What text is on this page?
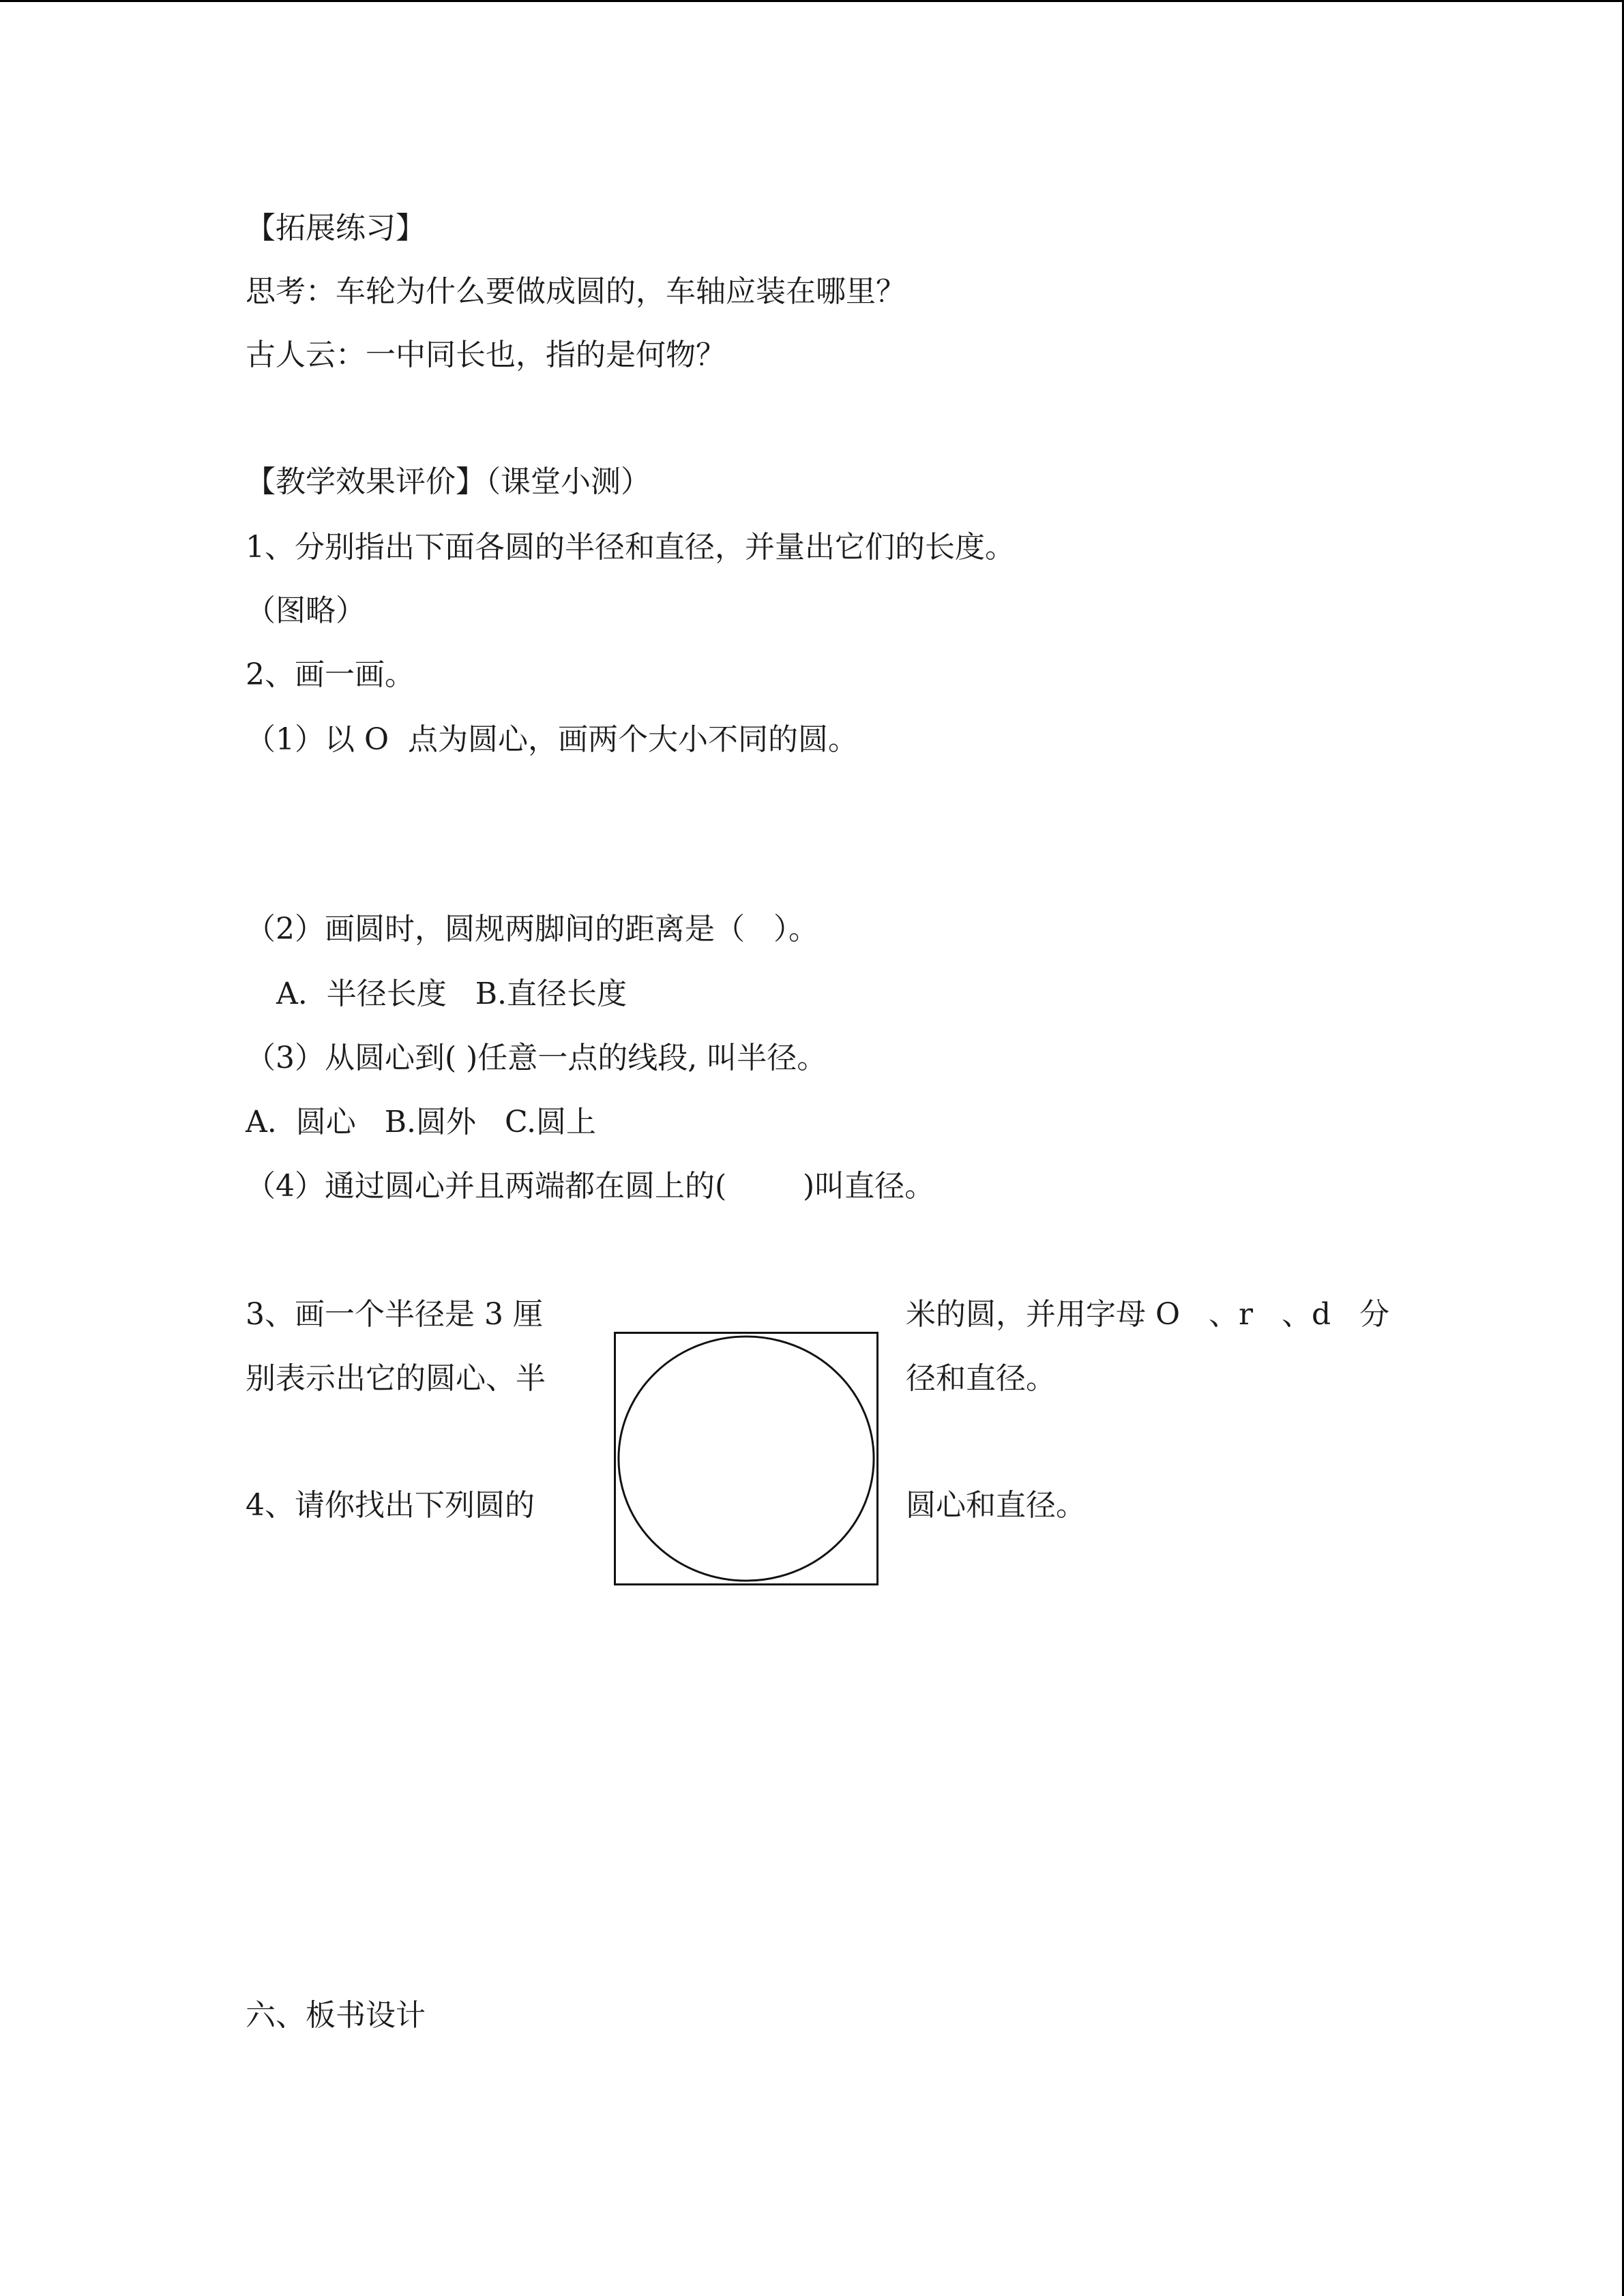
【拓展练习】
思考：车轮为什么要做成圆的，车轴应装在哪里？
古人云：一中同长也，指的是何物？
【教学效果评价】（课堂小测）
1、分别指出下面各圆的半径和直径，并量出它们的长度。
（图略）
2、画一画。
（1）以 O  点为圆心，画两个大小不同的圆。
（2）画圆时，圆规两脚间的距离是（   ）。
A.  半径长度   B.直径长度
（3）从圆心到( )任意一点的线段, 叫半径。
A.  圆心   B.圆外   C.圆上
（4）通过圆心并且两端都在圆上的(        )叫直径。
3、画一个半径是 3 厘	米的圆，并用字母 O   、r   、d   分
别表示出它的圆心、半	径和直径。
4、请你找出下列圆的	圆心和直径。
六、板书设计
